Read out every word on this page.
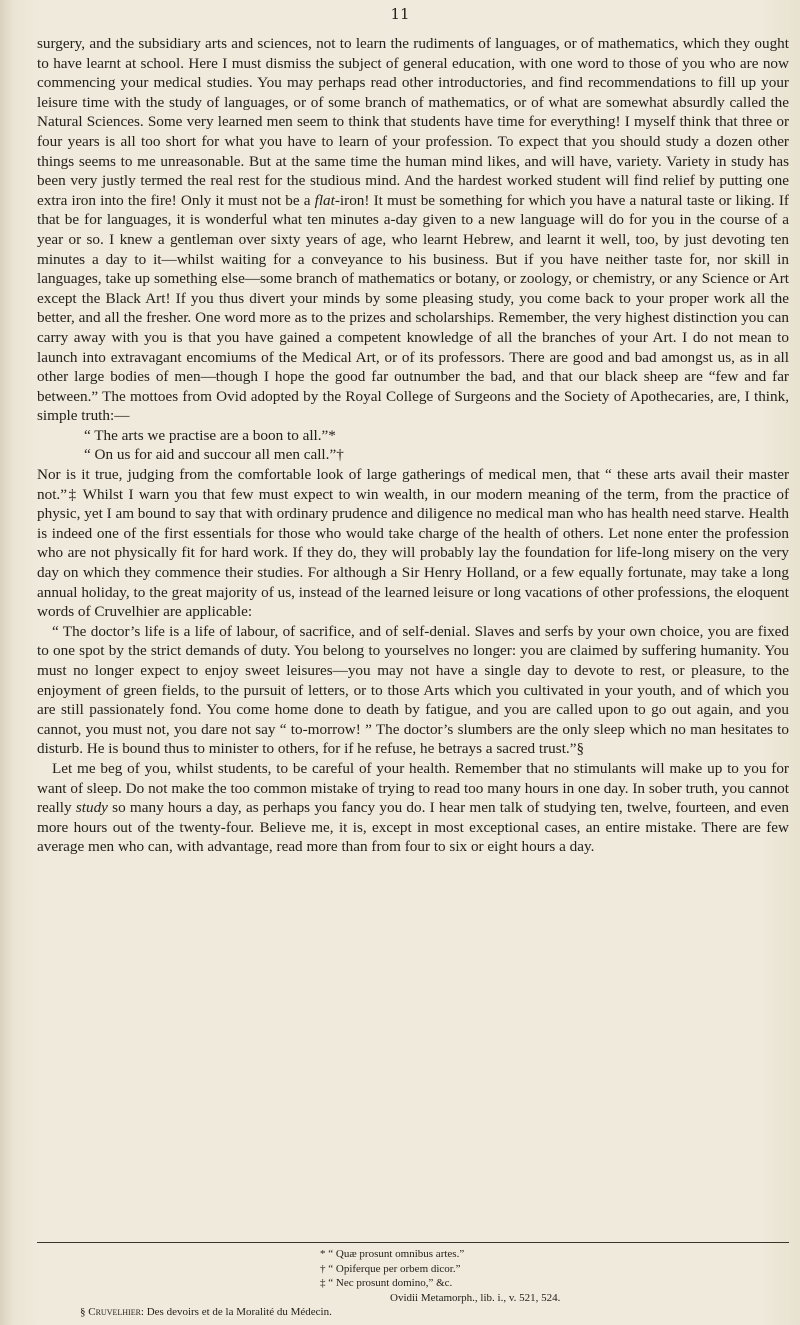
11

surgery, and the subsidiary arts and sciences, not to learn the rudiments of languages, or of mathematics, which they ought to have learnt at school. Here I must dismiss the subject of general education, with one word to those of you who are now commencing your medical studies. You may perhaps read other introductories, and find recommendations to fill up your leisure time with the study of languages, or of some branch of mathematics, or of what are somewhat absurdly called the Natural Sciences. Some very learned men seem to think that students have time for everything! I myself think that three or four years is all too short for what you have to learn of your profession. To expect that you should study a dozen other things seems to me unreasonable. But at the same time the human mind likes, and will have, variety. Variety in study has been very justly termed the real rest for the studious mind. And the hardest worked student will find relief by putting one extra iron into the fire! Only it must not be a flat-iron! It must be something for which you have a natural taste or liking. If that be for languages, it is wonderful what ten minutes a-day given to a new language will do for you in the course of a year or so. I knew a gentleman over sixty years of age, who learnt Hebrew, and learnt it well, too, by just devoting ten minutes a day to it—whilst waiting for a conveyance to his business. But if you have neither taste for, nor skill in languages, take up something else—some branch of mathematics or botany, or zoology, or chemistry, or any Science or Art except the Black Art! If you thus divert your minds by some pleasing study, you come back to your proper work all the better, and all the fresher. One word more as to the prizes and scholarships. Remember, the very highest distinction you can carry away with you is that you have gained a competent knowledge of all the branches of your Art. I do not mean to launch into extravagant encomiums of the Medical Art, or of its professors. There are good and bad amongst us, as in all other large bodies of men—though I hope the good far outnumber the bad, and that our black sheep are “few and far between.” The mottoes from Ovid adopted by the Royal College of Surgeons and the Society of Apothecaries, are, I think, simple truth:—

“ The arts we practise are a boon to all.”*
“ On us for aid and succour all men call.”†

Nor is it true, judging from the comfortable look of large gatherings of medical men, that “ these arts avail their master not.”‡ Whilst I warn you that few must expect to win wealth, in our modern meaning of the term, from the practice of physic, yet I am bound to say that with ordinary prudence and diligence no medical man who has health need starve. Health is indeed one of the first essentials for those who would take charge of the health of others. Let none enter the profession who are not physically fit for hard work. If they do, they will probably lay the foundation for life-long misery on the very day on which they commence their studies. For although a Sir Henry Holland, or a few equally fortunate, may take a long annual holiday, to the great majority of us, instead of the learned leisure or long vacations of other professions, the eloquent words of Cruvelhier are applicable:

“ The doctor’s life is a life of labour, of sacrifice, and of self-denial. Slaves and serfs by your own choice, you are fixed to one spot by the strict demands of duty. You belong to yourselves no longer: you are claimed by suffering humanity. You must no longer expect to enjoy sweet leisures—you may not have a single day to devote to rest, or pleasure, to the enjoyment of green fields, to the pursuit of letters, or to those Arts which you cultivated in your youth, and of which you are still passionately fond. You come home done to death by fatigue, and you are called upon to go out again, and you cannot, you must not, you dare not say “ to-morrow! ” The doctor’s slumbers are the only sleep which no man hesitates to disturb. He is bound thus to minister to others, for if he refuse, he betrays a sacred trust.”§

Let me beg of you, whilst students, to be careful of your health. Remember that no stimulants will make up to you for want of sleep. Do not make the too common mistake of trying to read too many hours in one day. In sober truth, you cannot really study so many hours a day, as perhaps you fancy you do. I hear men talk of studying ten, twelve, fourteen, and even more hours out of the twenty-four. Believe me, it is, except in most exceptional cases, an entire mistake. There are few average men who can, with advantage, read more than from four to six or eight hours a day.

* “ Quæ prosunt omnibus artes.”
† “ Opiferque per orbem dicor.”
‡ “ Nec prosunt domino,” &c.
Ovidii Metamorph., lib. i., v. 521, 524.
§ Cruvelhier: Des devoirs et de la Moralité du Médecin.
